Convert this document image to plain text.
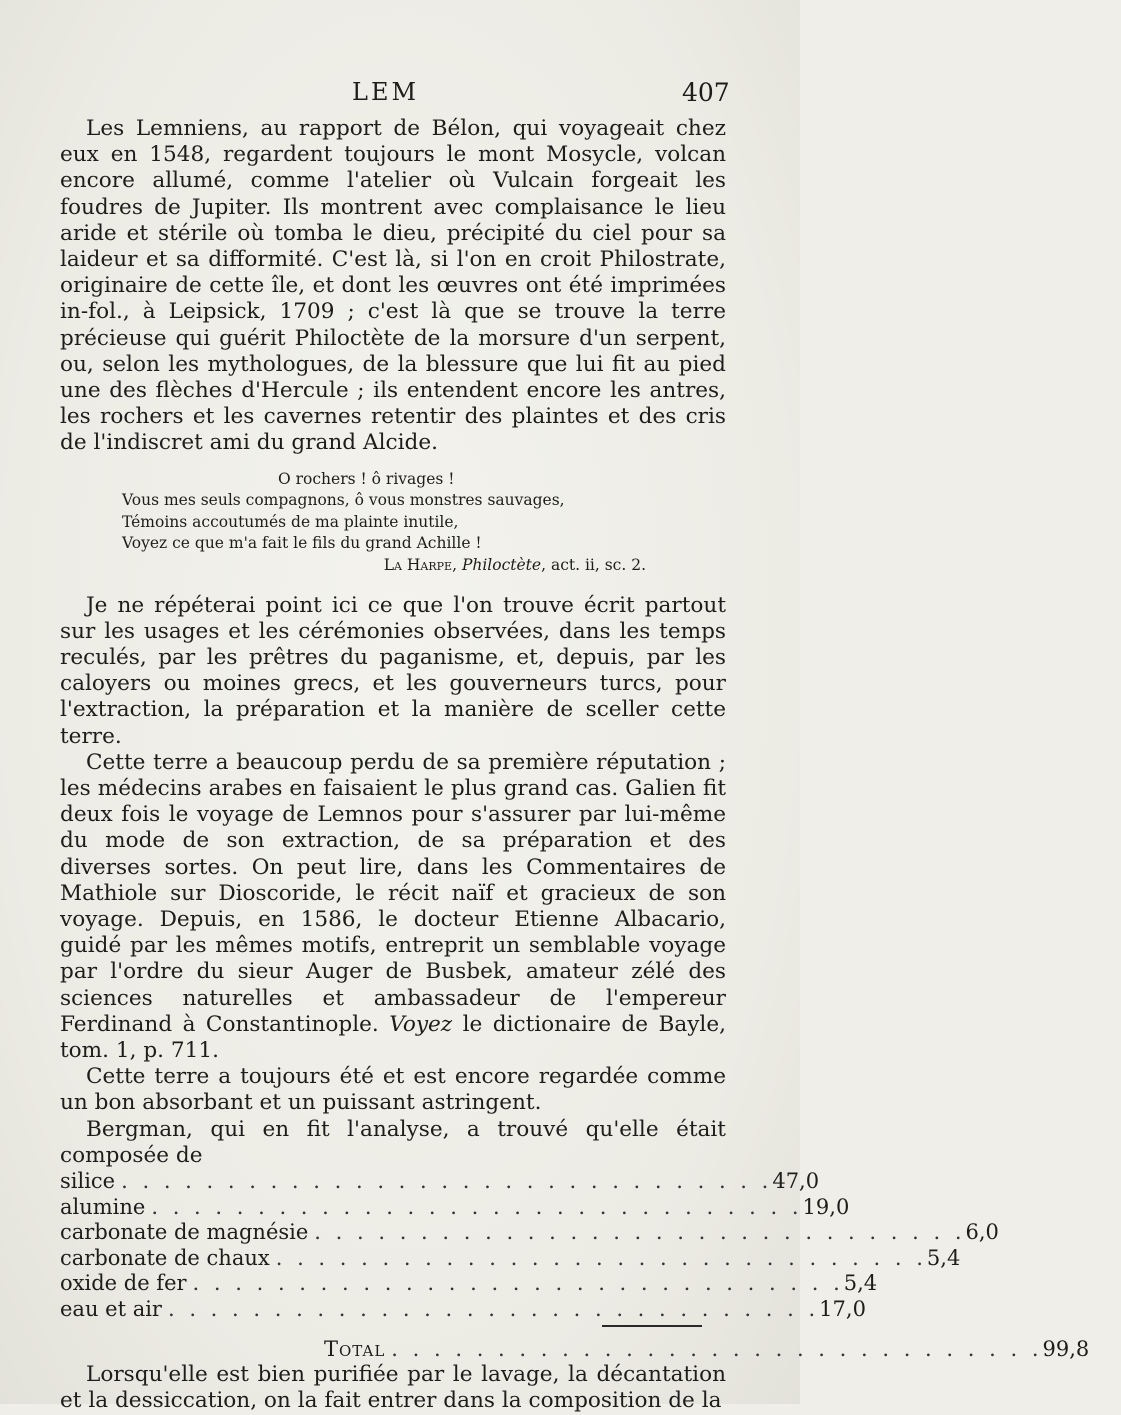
LEM	407

Les Lemniens, au rapport de Bélon, qui voyageait chez eux en 1548, regardent toujours le mont Mosycle, volcan encore allumé, comme l'atelier où Vulcain forgeait les foudres de Jupiter. Ils montrent avec complaisance le lieu aride et stérile où tomba le dieu, précipité du ciel pour sa laideur et sa difformité. C'est là, si l'on en croit Philostrate, originaire de cette île, et dont les œuvres ont été imprimées in-fol., à Leipsick, 1709 ; c'est là que se trouve la terre précieuse qui guérit Philoctète de la morsure d'un serpent, ou, selon les mythologues, de la blessure que lui fit au pied une des flèches d'Hercule ; ils entendent encore les antres, les rochers et les cavernes retentir des plaintes et des cris de l'indiscret ami du grand Alcide.

O rochers ! ô rivages !
Vous mes seuls compagnons, ô vous monstres sauvages,
Témoins accoutumés de ma plainte inutile,
Voyez ce que m'a fait le fils du grand Achille !
La Harpe, Philoctète, act. ii, sc. 2.

Je ne répéterai point ici ce que l'on trouve écrit partout sur les usages et les cérémonies observées, dans les temps reculés, par les prêtres du paganisme, et, depuis, par les caloyers ou moines grecs, et les gouverneurs turcs, pour l'extraction, la préparation et la manière de sceller cette terre.

Cette terre a beaucoup perdu de sa première réputation ; les médecins arabes en faisaient le plus grand cas. Galien fit deux fois le voyage de Lemnos pour s'assurer par lui-même du mode de son extraction, de sa préparation et des diverses sortes. On peut lire, dans les Commentaires de Mathiole sur Dioscoride, le récit naïf et gracieux de son voyage. Depuis, en 1586, le docteur Etienne Albacario, guidé par les mêmes motifs, entreprit un semblable voyage par l'ordre du sieur Auger de Busbek, amateur zélé des sciences naturelles et ambassadeur de l'empereur Ferdinand à Constantinople. Voyez le dictionaire de Bayle, tom. 1, p. 711.

Cette terre a toujours été et est encore regardée comme un bon absorbant et un puissant astringent.

Bergman, qui en fit l'analyse, a trouvé qu'elle était composée de

silice . . . . . . . . . . . . . . . . . . . . . . . . . . . . . . . 47,0
alumine . . . . . . . . . . . . . . . . . . . . . . . . . . . . . . . 19,0
carbonate de magnésie . . . . . . . . . . . . . . . . . . . . . . . . . . . . . . . 6,0
carbonate de chaux . . . . . . . . . . . . . . . . . . . . . . . . . . . . . . . 5,4
oxide de fer . . . . . . . . . . . . . . . . . . . . . . . . . . . . . . . 5,4
eau et air . . . . . . . . . . . . . . . . . . . . . . . . . . . . . . . 17,0
Total . . . . . . . . . . . . . . . . . . . . . . . . . . . . . . . 99,8

Lorsqu'elle est bien purifiée par le lavage, la décantation et la dessiccation, on la fait entrer dans la composition de la
